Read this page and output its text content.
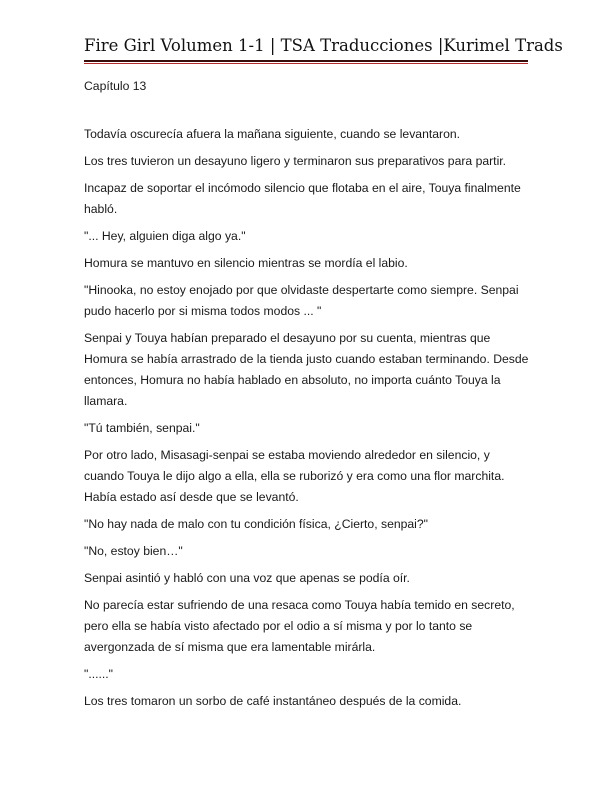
Fire Girl Volumen 1-1 | TSA Traducciones |Kurimel Trads

Capítulo 13

Todavía oscurecía afuera la mañana siguiente, cuando se levantaron.

Los tres tuvieron un desayuno ligero y terminaron sus preparativos para partir.

Incapaz de soportar el incómodo silencio que flotaba en el aire, Touya finalmente habló.

"... Hey, alguien diga algo ya."

Homura se mantuvo en silencio mientras se mordía el labio.

"Hinooka, no estoy enojado por que olvidaste despertarte como siempre. Senpai pudo hacerlo por si misma todos modos ... "

Senpai y Touya habían preparado el desayuno por su cuenta, mientras que Homura se había arrastrado de la tienda justo cuando estaban terminando. Desde entonces, Homura no había hablado en absoluto, no importa cuánto Touya la llamara.

"Tú también, senpai."

Por otro lado, Misasagi-senpai se estaba moviendo alrededor en silencio, y cuando Touya le dijo algo a ella, ella se ruborizó y era como una flor marchita. Había estado así desde que se levantó.

"No hay nada de malo con tu condición física, ¿Cierto, senpai?"

"No, estoy bien…"

Senpai asintió y habló con una voz que apenas se podía oír.

No parecía estar sufriendo de una resaca como Touya había temido en secreto, pero ella se había visto afectado por el odio a sí misma y por lo tanto se avergonzada de sí misma que era lamentable mirárla.

"......"

Los tres tomaron un sorbo de café instantáneo después de la comida.
